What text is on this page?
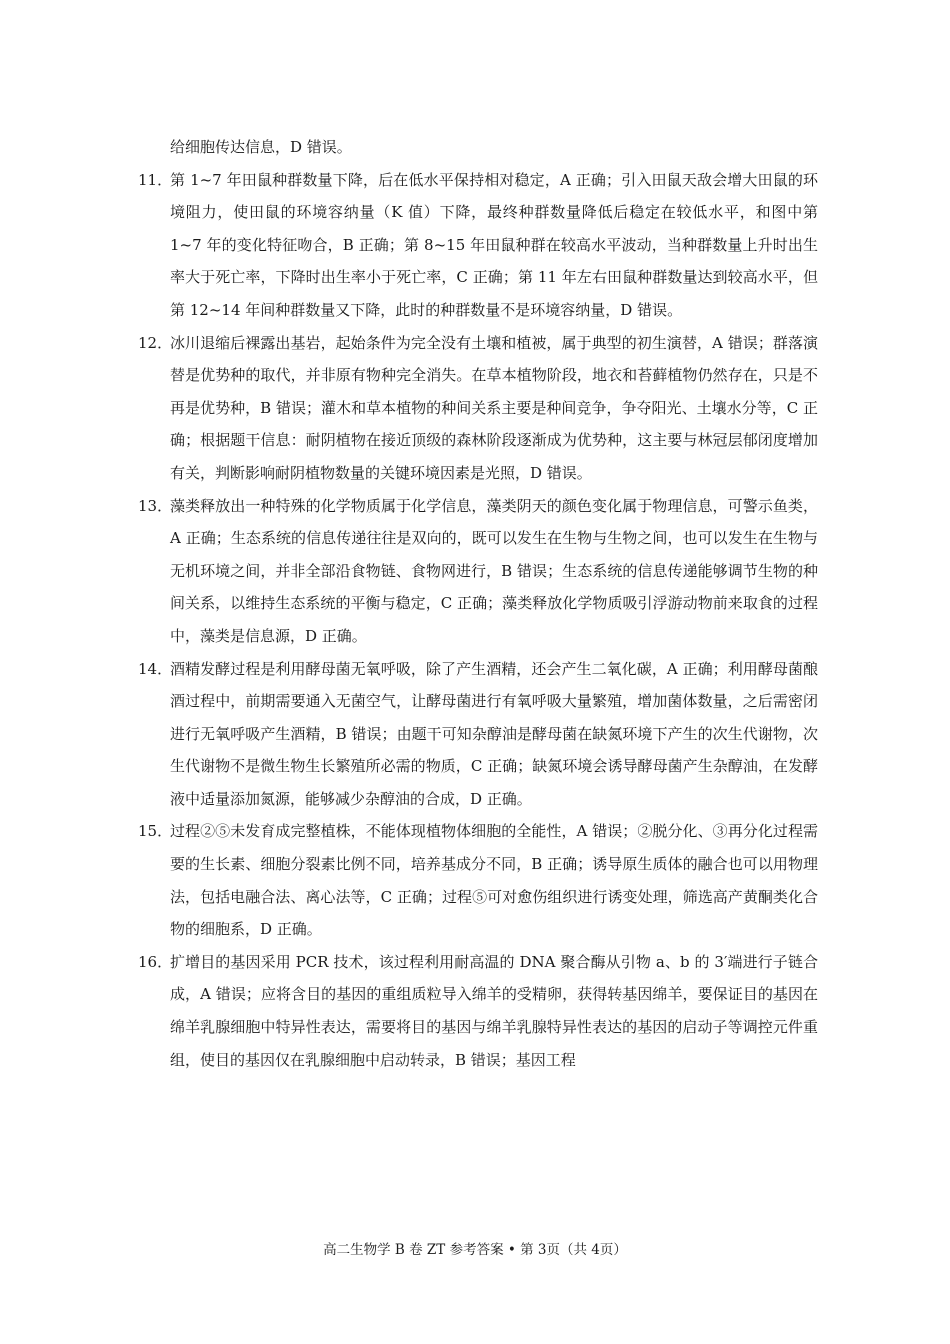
给细胞传达信息，D 错误。
11．
第 1~7 年田鼠种群数量下降，后在低水平保持相对稳定，A 正确；引入田鼠天敌会增大田鼠的环境阻力，使田鼠的环境容纳量（K 值）下降，最终种群数量降低后稳定在较低水平，和图中第 1~7 年的变化特征吻合，B 正确；第 8~15 年田鼠种群在较高水平波动，当种群数量上升时出生率大于死亡率，下降时出生率小于死亡率，C 正确；第 11 年左右田鼠种群数量达到较高水平，但第 12~14 年间种群数量又下降，此时的种群数量不是环境容纳量，D 错误。
12．
冰川退缩后裸露出基岩，起始条件为完全没有土壤和植被，属于典型的初生演替，A 错误；群落演替是优势种的取代，并非原有物种完全消失。在草本植物阶段，地衣和苔藓植物仍然存在，只是不再是优势种，B 错误；灌木和草本植物的种间关系主要是种间竞争，争夺阳光、土壤水分等，C 正确；根据题干信息：耐阴植物在接近顶级的森林阶段逐渐成为优势种，这主要与林冠层郁闭度增加有关，判断影响耐阴植物数量的关键环境因素是光照，D 错误。
13．
藻类释放出一种特殊的化学物质属于化学信息，藻类阴天的颜色变化属于物理信息，可警示鱼类，A 正确；生态系统的信息传递往往是双向的，既可以发生在生物与生物之间，也可以发生在生物与无机环境之间，并非全部沿食物链、食物网进行，B 错误；生态系统的信息传递能够调节生物的种间关系，以维持生态系统的平衡与稳定，C 正确；藻类释放化学物质吸引浮游动物前来取食的过程中，藻类是信息源，D 正确。
14．
酒精发酵过程是利用酵母菌无氧呼吸，除了产生酒精，还会产生二氧化碳，A 正确；利用酵母菌酿酒过程中，前期需要通入无菌空气，让酵母菌进行有氧呼吸大量繁殖，增加菌体数量，之后需密闭进行无氧呼吸产生酒精，B 错误；由题干可知杂醇油是酵母菌在缺氮环境下产生的次生代谢物，次生代谢物不是微生物生长繁殖所必需的物质，C 正确；缺氮环境会诱导酵母菌产生杂醇油，在发酵液中适量添加氮源，能够减少杂醇油的合成，D 正确。
15．
过程②⑤未发育成完整植株，不能体现植物体细胞的全能性，A 错误；②脱分化、③再分化过程需要的生长素、细胞分裂素比例不同，培养基成分不同，B 正确；诱导原生质体的融合也可以用物理法，包括电融合法、离心法等，C 正确；过程⑤可对愈伤组织进行诱变处理，筛选高产黄酮类化合物的细胞系，D 正确。
16．
扩增目的基因采用 PCR 技术，该过程利用耐高温的 DNA 聚合酶从引物 a、b 的 3′端进行子链合成，A 错误；应将含目的基因的重组质粒导入绵羊的受精卵，获得转基因绵羊，要保证目的基因在绵羊乳腺细胞中特异性表达，需要将目的基因与绵羊乳腺特异性表达的基因的启动子等调控元件重组，使目的基因仅在乳腺细胞中启动转录，B 错误；基因工程
高二生物学 B 卷 ZT 参考答案 • 第 3页（共 4页）
